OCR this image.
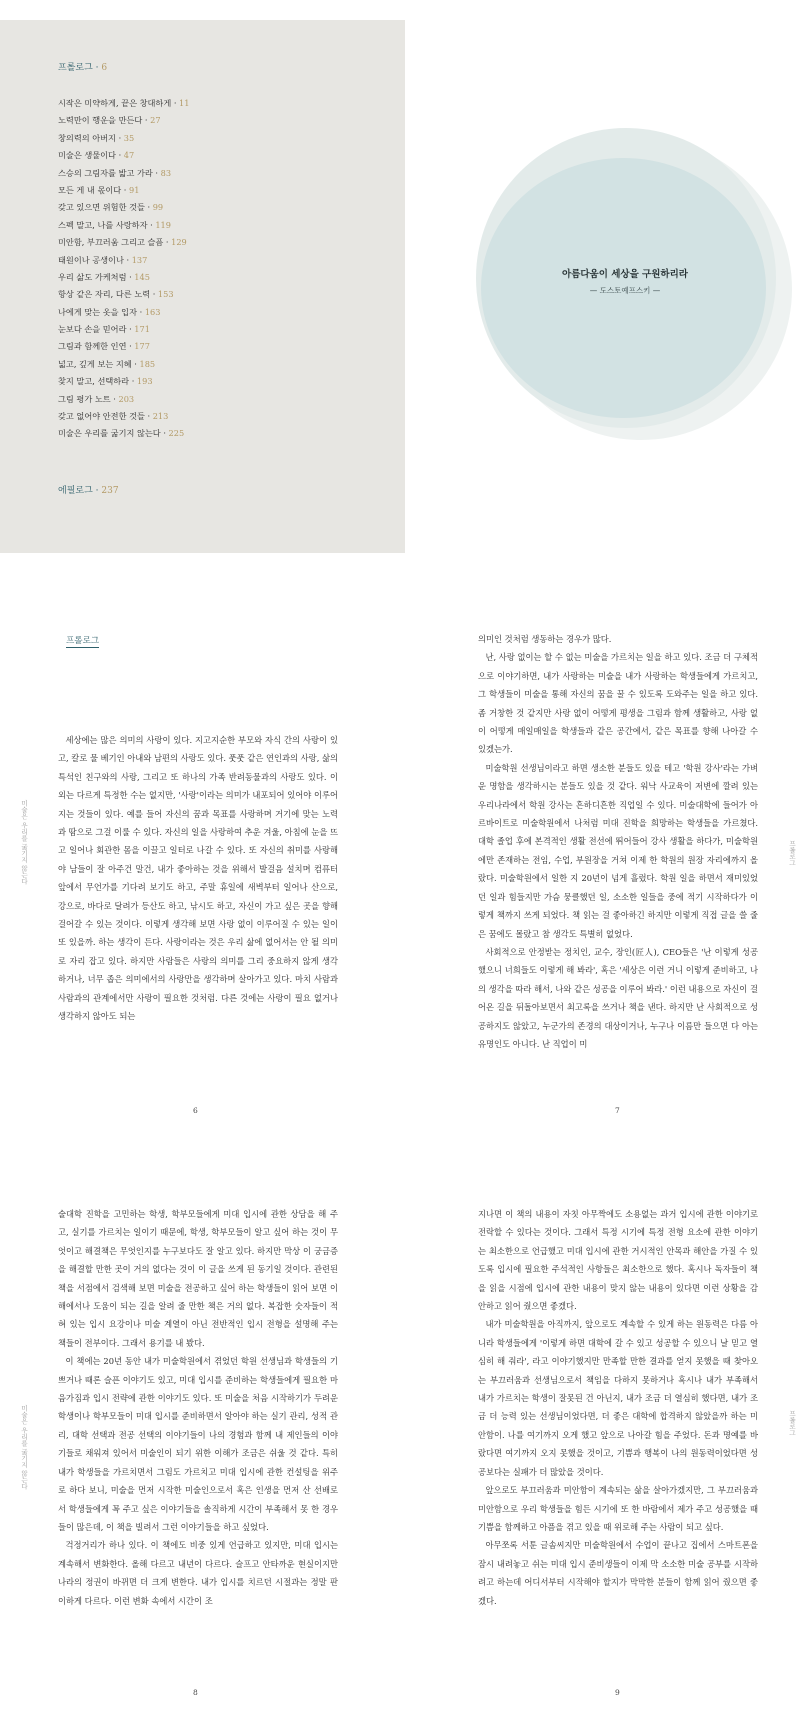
프롤로그 · 6
시작은 미약하게, 끝은 창대하게 · 11
노력만이 행운을 만든다 · 27
창의력의 아버지 · 35
미술은 생물이다 · 47
스승의 그림자를 밟고 가라 · 83
모든 게 내 몫이다 · 91
갖고 있으면 위험한 것들 · 99
스펙 말고, 나를 사랑하자 · 119
미안함, 부끄러움 그리고 슬픔 · 129
태원이나 공생이나 · 137
우리 삶도 가케처럼 · 145
항상 같은 자리, 다른 노력 · 153
나에게 맞는 옷을 입자 · 163
눈보다 손을 믿어라 · 171
그림과 함께한 인연 · 177
넓고, 깊게 보는 지혜 · 185
찾지 말고, 선택하라 · 193
그림 평가 노트 · 203
갖고 없어야 안전한 것들 · 213
미술은 우리를 굶기지 않는다 · 225
에필로그 · 237
아름다움이 세상을 구원하리라
— 도스토예프스키 —
프롤로그
미술은 우리를 굶기지 않는다

세상에는 많은 의미의 사랑이 있다. 지고지순한 부모와 자식 간의 사랑이 있고, 칼로 물 베기인 아내와 남편의 사랑도 있다. 풋풋 같은 연인과의 사랑, 삶의 특석인 친구와의 사랑, 그리고 또 하나의 가족 반려동물과의 사랑도 있다. 이외는 다르게 특정한 수는 없지만, '사랑'이라는 의미가 내포되어 있어야 이루어지는 것들이 있다. 예를 들어 자신의 꿈과 목표를 사랑하며 거기에 맞는 노력과 땀으로 그걸 이룰 수 있다. 자신의 일을 사랑하여 추운 겨울, 아침에 눈을 뜨고 일어나 회관한 몸을 이끌고 일터로 나갈 수 있다. 또 자신의 취미를 사랑해야 남들이 잘 아주건 말건, 내가 좋아하는 것을 위해서 발걸음 설치며 컴퓨터 앞에서 무언가를 기다려 보기도 하고, 주말 휴일에 새벽부터 일어나 산으로, 강으로, 바다로 달려가 등산도 하고, 낚시도 하고, 자신이 가고 싶은 곳을 향해 걸어갈 수 있는 것이다. 이렇게 생각해 보면 사랑 없이 이루어질 수 있는 일이 또 있을까. 하는 생각이 든다. 사랑이라는 것은 우리 삶에 없어서는 안 될 의미로 자리 잡고 있다. 하지만 사람들은 사랑의 의미를 그리 중요하지 않게 생각하거나, 너무 좁은 의미에서의 사랑만을 생각하며 살아가고 있다. 마치 사람과 사람과의 관계에서만 사랑이 필요한 것처럼. 다른 것에는 사랑이 필요 없거나 생각하지 않아도 되는

6
프롤로그

의미인 것처럼 생동하는 경우가 많다.

난, 사랑 없이는 할 수 없는 미술을 가르치는 일을 하고 있다. 조금 더 구체적으로 이야기하면, 내가 사랑하는 미술을 내가 사랑하는 학생들에게 가르치고, 그 학생들이 미술을 통해 자신의 꿈을 꿀 수 있도록 도와주는 일을 하고 있다. 좀 거창한 것 같지만 사랑 없이 어떻게 평생을 그림과 함께 생활하고, 사랑 없이 어떻게 매일매일을 학생들과 같은 공간에서, 같은 목표를 향해 나아갈 수 있겠는가.

미술학원 선생님이라고 하면 생소한 분들도 있을 테고 '학원 강사'라는 가벼운 명함을 생각하시는 분들도 있을 것 같다. 워낙 사교육이 저변에 깔려 있는 우리나라에서 학원 강사는 흔하디흔한 직업일 수 있다. 미술대학에 들어가 아르바이트로 미술학원에서 나처럼 미대 진학을 희망하는 학생들을 가르쳤다. 대학 졸업 후에 본격적인 생활 전선에 뛰어들어 강사 생활을 하다가, 미술학원에만 존재하는 전임, 수업, 부원장을 거쳐 이제 한 학원의 원장 자리에까지 올랐다. 미술학원에서 일한 지 20년이 넘게 흘렀다. 학원 일을 하면서 재미있었던 일과 힘들지만 가슴 뭉클했던 일, 소소한 일들을 중에 적기 시작하다가 이렇게 책까지 쓰게 되었다. 책 읽는 걸 좋아하긴 하지만 이렇게 직접 글을 쓸 줄은 꿈에도 몰랐고 참 생각도 특별히 없었다.

사회적으로 안정받는 정치인, 교수, 장인(匠人), CEO들은 '난 이렇게 성공했으니 너희들도 이렇게 해 봐라', 혹은 '세상은 이런 거니 이렇게 준비하고, 나의 생각을 따라 해서, 나와 같은 성공을 이루어 봐라.' 이런 내용으로 자신이 걸어온 길을 뒤돌아보면서 최고록을 쓰거나 책을 낸다. 하지만 난 사회적으로 성공하지도 않았고, 누군가의 존경의 대상이거나, 누구나 이름만 들으면 다 아는 유명인도 아니다. 난 직업이 미

7
미술은 우리를 굶기지 않는다

술대학 진학을 고민하는 학생, 학부모들에게 미대 입시에 관한 상담을 해 주고, 실기를 가르치는 일이기 때문에, 학생, 학부모들이 알고 싶어 하는 것이 무엇이고 해결책은 무엇인지를 누구보다도 잘 알고 있다. 하지만 막상 이 궁금증을 해결할 만한 곳이 거의 없다는 것이 이 글을 쓰게 된 동기일 것이다. 관련된 책을 서점에서 검색해 보면 미술을 전공하고 싶어 하는 학생들이 읽어 보면 이해에서나 도움이 되는 길을 알려 줄 만한 책은 거의 없다. 복잡한 숫자들이 적혀 있는 입시 요강이나 미술 계열이 아닌 전반적인 입시 전형을 설명해 주는 책들이 전부이다. 그래서 용기를 내 봤다.

이 책에는 20년 동안 내가 미술학원에서 겪었던 학원 선생님과 학생들의 기쁘거나 때론 슬픈 이야기도 있고, 미대 입시를 준비하는 학생들에게 필요한 마음가짐과 입시 전략에 관한 이야기도 있다. 또 미술을 처음 시작하기가 두려운 학생이나 학부모들이 미대 입시를 준비하면서 알아야 하는 실기 관리, 성적 관리, 대학 선택과 전공 선택의 이야기들이 나의 경험과 함께 내 제인들의 이야기들로 채워져 있어서 미술인이 되기 위한 이해가 조금은 쉬울 것 같다. 특히 내가 학생들을 가르치면서 그림도 가르치고 미대 입시에 관한 컨설팅을 위주로 하다 보니, 미술을 먼저 시작한 미술인으로서 혹은 인생을 먼저 산 선배로서 학생들에게 꼭 주고 싶은 이야기들을 솔직하게 시간이 부족해서 못 한 경우들이 많은데, 이 책을 빌려서 그런 이야기들을 하고 싶었다.

걱정거리가 하나 있다. 이 책에도 비중 있게 언급하고 있지만, 미대 입시는 계속해서 변화한다. 올해 다르고 내년이 다르다. 슬프고 안타까운 현실이지만 나라의 정권이 바뀌면 더 크게 변한다. 내가 입시를 치르던 시절과는 정말 판이하게 다르다. 이런 변화 속에서 시간이 조

8
프롤로그

지나면 이 책의 내용이 자칫 아무짝에도 소용없는 과거 입시에 관한 이야기로 전락할 수 있다는 것이다. 그래서 특정 시기에 특정 전형 요소에 관한 이야기는 최소한으로 언급했고 미대 입시에 관한 거시적인 안목과 해안을 가질 수 있도록 입시에 필요한 주석적인 사항들은 최소한으로 했다. 혹시나 독자들이 책을 읽을 시점에 입시에 관한 내용이 맞지 않는 내용이 있다면 이런 상황을 감안하고 읽어 줬으면 좋겠다.

내가 미술학원을 아직까지, 앞으로도 계속할 수 있게 하는 원동력은 다름 아니라 학생들에게 '이렇게 하면 대학에 갈 수 있고 성공할 수 있으니 날 믿고 열심히 해 줘라', 라고 이야기했지만 만족할 만한 결과를 얻지 못했을 때 찾아오는 부끄러움과 선생님으로서 책임을 다하지 못하거나 혹시나 내가 부족해서 내가 가르치는 학생이 잘못된 건 아닌지, 내가 조금 더 열심히 했다면, 내가 조금 더 능력 있는 선생님이었다면, 더 좋은 대학에 합격하지 않았을까 하는 미안함이. 나를 여기까지 오게 했고 앞으로 나아갈 힘을 주었다. 돈과 명예를 바랐다면 여기까지 오지 못했을 것이고, 기쁨과 행복이 나의 원동력이었다면 성공보다는 실패가 더 많았을 것이다.

앞으로도 부끄러움과 미안함이 계속되는 삶을 살아가겠지만, 그 부끄러움과 미안함으로 우리 학생들을 힘든 시기에 또 한 바람에서 제가 주고 성공했을 때 기쁨을 함께하고 아픔을 겪고 있을 때 위로해 주는 사람이 되고 싶다.

아무쪼록 서툰 글솜씨지만 미술학원에서 수업이 끝나고 집에서 스마트폰을 잠시 내려놓고 쉬는 미대 입시 준비생들이 이제 막 소소한 미술 공부를 시작하려고 하는데 어디서부터 시작해야 할지가 막막한 분들이 함께 읽어 줬으면 좋겠다.

9
